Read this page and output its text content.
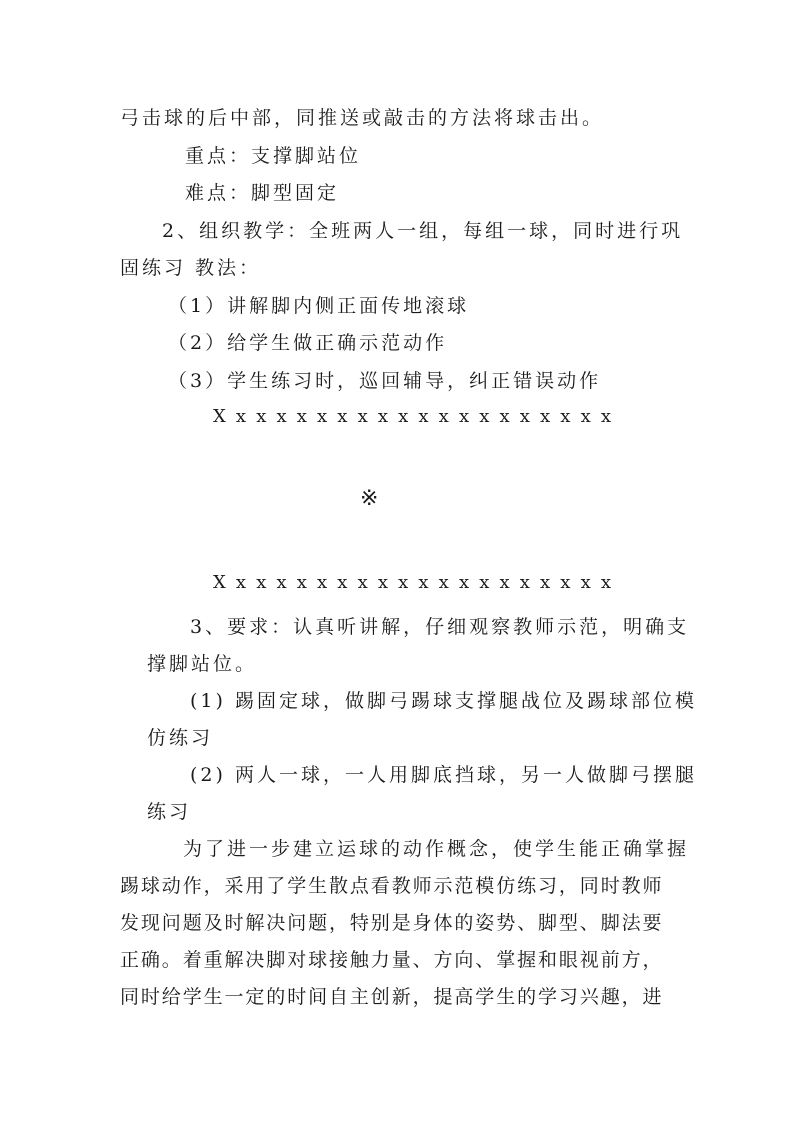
弓击球的后中部，同推送或敲击的方法将球击出。
重点：支撑脚站位
难点：脚型固定
2、组织教学：全班两人一组，每组一球，同时进行巩
固练习 教法：
（1）讲解脚内侧正面传地滚球
（2）给学生做正确示范动作
（3）学生练习时，巡回辅导，纠正错误动作
X x x x x x x x x x x x x x x x x x x x
※
X x x x x x x x x x x x x x x x x x x x
3、要求：认真听讲解，仔细观察教师示范，明确支
撑脚站位。
(1) 踢固定球，做脚弓踢球支撑腿战位及踢球部位模
仿练习
(2) 两人一球，一人用脚底挡球，另一人做脚弓摆腿
练习
为了进一步建立运球的动作概念，使学生能正确掌握
踢球动作，采用了学生散点看教师示范模仿练习，同时教师
发现问题及时解决问题，特别是身体的姿势、脚型、脚法要
正确。着重解决脚对球接触力量、方向、掌握和眼视前方，
同时给学生一定的时间自主创新，提高学生的学习兴趣，进
